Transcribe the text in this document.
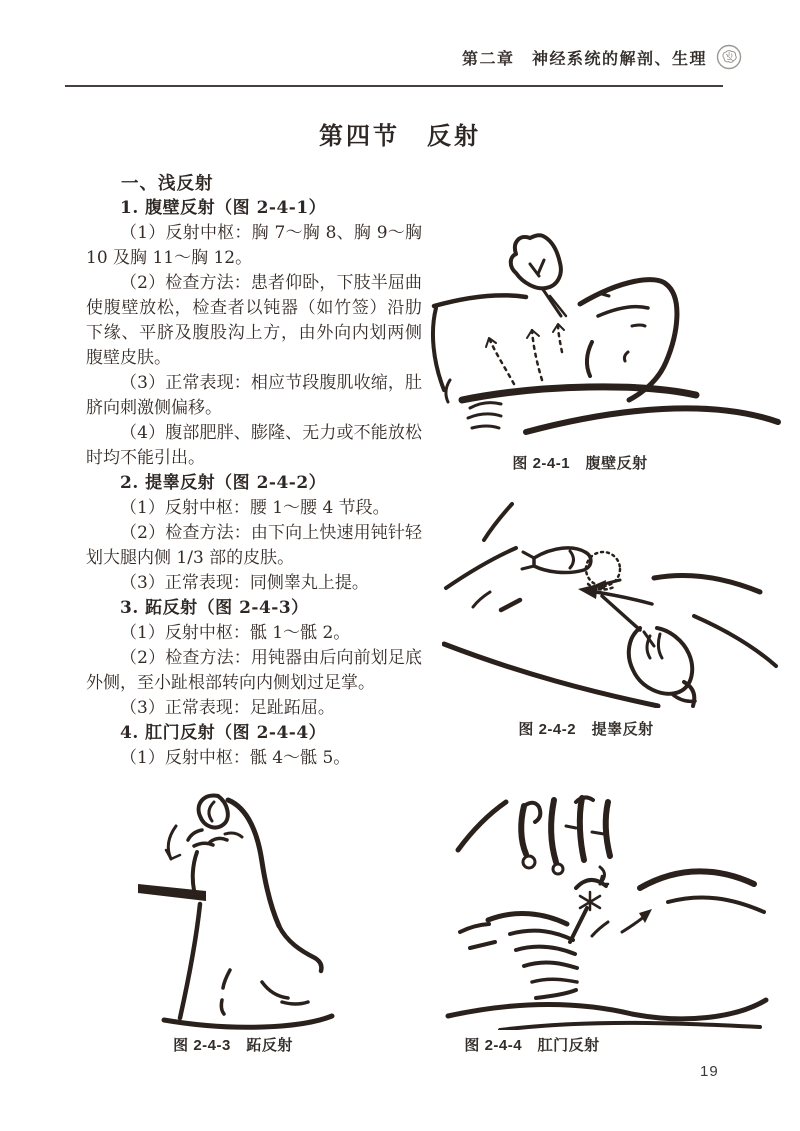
第二章　神经系统的解剖、生理
第四节　反射

一、浅反射

1. 腹壁反射（图 2-4-1）

（1）反射中枢：胸 7～胸 8、胸 9～胸 10 及胸 11～胸 12。

（2）检查方法：患者仰卧，下肢半屈曲使腹壁放松，检查者以钝器（如竹签）沿肋下缘、平脐及腹股沟上方，由外向内划两侧腹壁皮肤。

（3）正常表现：相应节段腹肌收缩，肚脐向刺激侧偏移。

（4）腹部肥胖、膨隆、无力或不能放松时均不能引出。

2. 提睾反射（图 2-4-2）

（1）反射中枢：腰 1～腰 4 节段。

（2）检查方法：由下向上快速用钝针轻划大腿内侧 1/3 部的皮肤。

（3）正常表现：同侧睾丸上提。

3. 跖反射（图 2-4-3）

（1）反射中枢：骶 1～骶 2。

（2）检查方法：用钝器由后向前划足底外侧，至小趾根部转向内侧划过足掌。

（3）正常表现：足趾跖屈。

4. 肛门反射（图 2-4-4）

（1）反射中枢：骶 4～骶 5。

图 2-4-1　腹壁反射
图 2-4-2　提睾反射
图 2-4-3　跖反射	图 2-4-4　肛门反射
19
